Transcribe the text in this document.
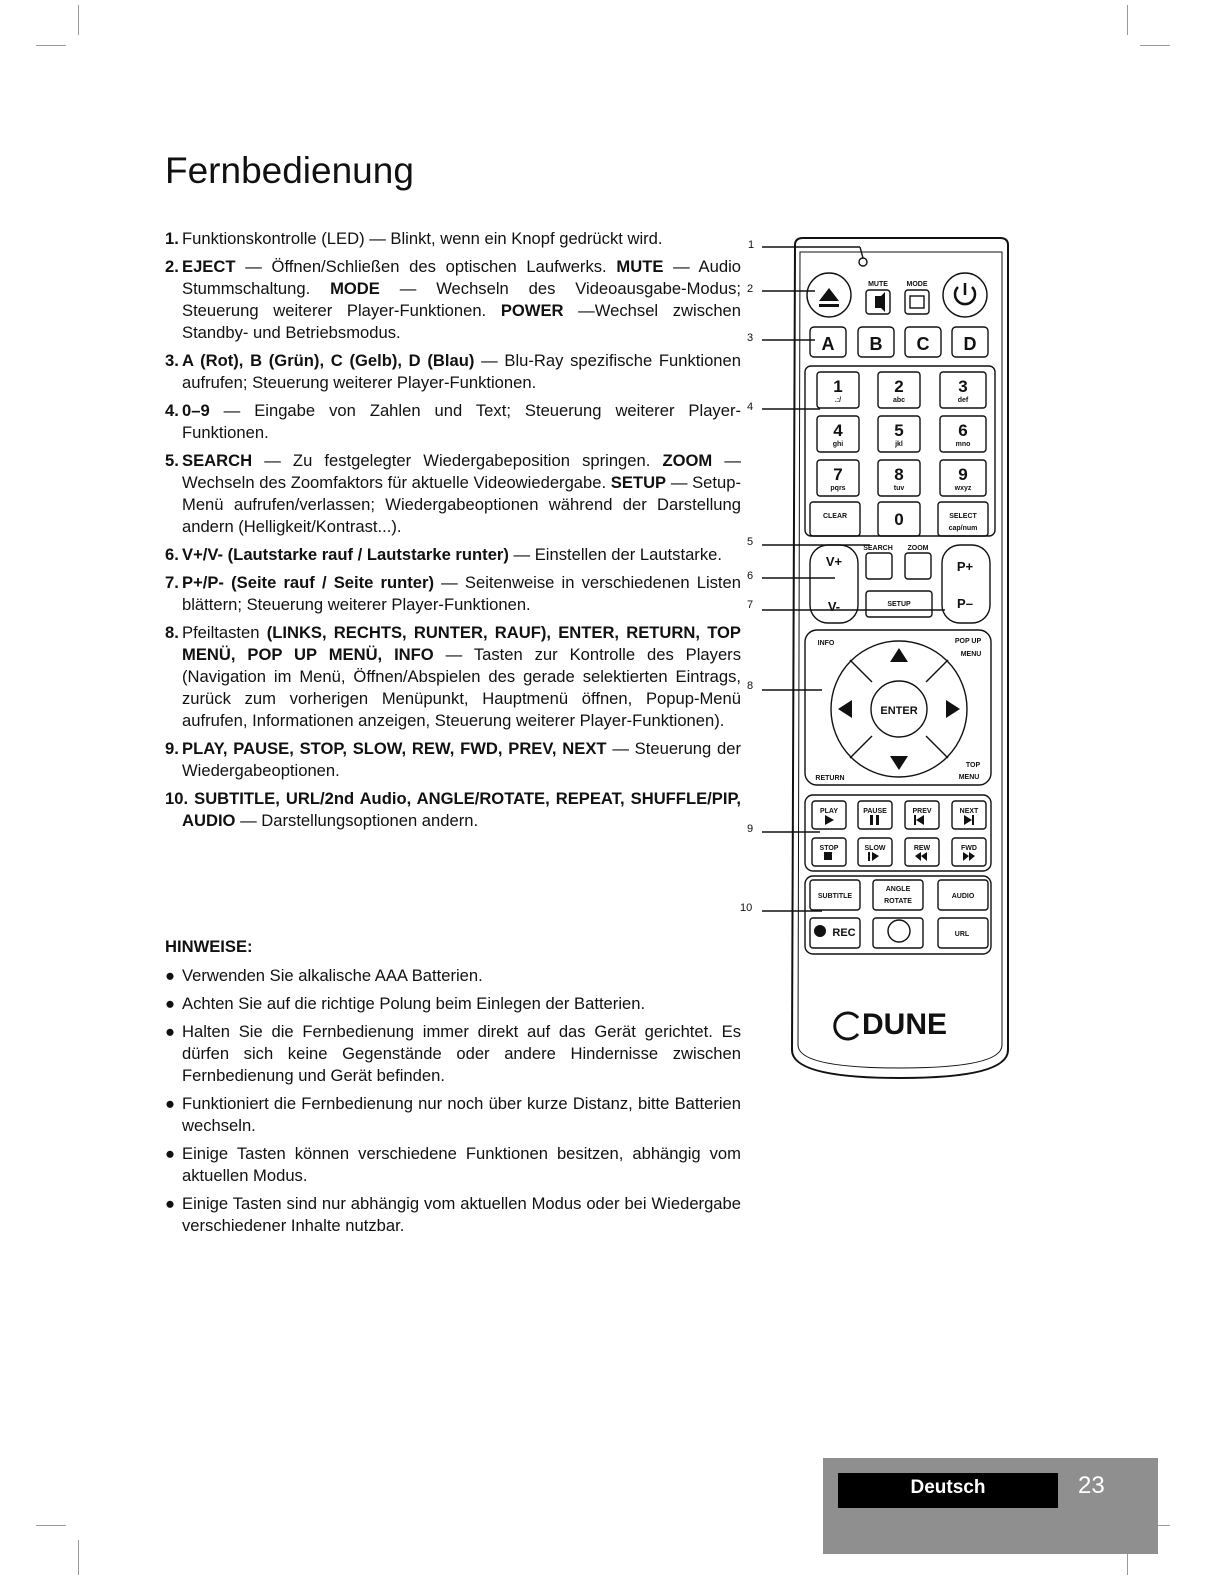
Fernbedienung
1. Funktionskontrolle (LED) — Blinkt, wenn ein Knopf gedrückt wird.
2. EJECT — Öffnen/Schließen des optischen Laufwerks. MUTE — Audio Stummschaltung. MODE — Wechseln des Videoausgabe-Modus; Steuerung weiterer Player-Funktionen. POWER —Wechsel zwischen Standby- und Betriebsmodus.
3. A (Rot), B (Grün), C (Gelb), D (Blau) — Blu-Ray spezifische Funktionen aufrufen; Steuerung weiterer Player-Funktionen.
4. 0–9 — Eingabe von Zahlen und Text; Steuerung weiterer Player-Funktionen.
5. SEARCH — Zu festgelegter Wiedergabeposition springen. ZOOM — Wechseln des Zoomfaktors für aktuelle Videowiedergabe. SETUP — Setup-Menü aufrufen/verlassen; Wiedergabeoptionen während der Darstellung andern (Helligkeit/Kontrast...).
6. V+/V- (Lautstarke rauf / Lautstarke runter) — Einstellen der Lautstarke.
7. P+/P- (Seite rauf / Seite runter) — Seitenweise in verschiedenen Listen blättern; Steuerung weiterer Player-Funktionen.
8. Pfeiltasten (LINKS, RECHTS, RUNTER, RAUF), ENTER, RETURN, TOP MENÜ, POP UP MENÜ, INFO — Tasten zur Kontrolle des Players (Navigation im Menü, Öffnen/Abspielen des gerade selektierten Eintrags, zurück zum vorherigen Menüpunkt, Hauptmenü öffnen, Popup-Menü aufrufen, Informationen anzeigen, Steuerung weiterer Player-Funktionen).
9. PLAY, PAUSE, STOP, SLOW, REW, FWD, PREV, NEXT — Steuerung der Wiedergabeoptionen.
10. SUBTITLE, URL/2nd Audio, ANGLE/ROTATE, REPEAT, SHUFFLE/PIP, AUDIO — Darstellungsoptionen andern.
HINWEISE:
● Verwenden Sie alkalische AAA Batterien.
● Achten Sie auf die richtige Polung beim Einlegen der Batterien.
● Halten Sie die Fernbedienung immer direkt auf das Gerät gerichtet. Es dürfen sich keine Gegenstände oder andere Hindernisse zwischen Fernbedienung und Gerät befinden.
● Funktioniert die Fernbedienung nur noch über kurze Distanz, bitte Batterien wechseln.
● Einige Tasten können verschiedene Funktionen besitzen, abhängig vom aktuellen Modus.
● Einige Tasten sind nur abhängig vom aktuellen Modus oder bei Wiedergabe verschiedener Inhalte nutzbar.
1
2
3
4
5
6
7
8
9
10
MUTE	MODE
A B C D
1	2	3
4	5	6
7	8	9
0
.:/	abc	def
ghi	jkl	mno
pqrs	tuv	wxyz
CLEAR	SELECT
cap/num
SEARCH ZOOM
SETUP
INFO	POP UP
MENU
RETURN
TOP
MENU
PLAY	PAUSE	PREV	NEXT
STOP	SLOW	REW	FWD
SUBTITLE
ANGLE
ROTATE
AUDIO
URL
REC
ENTER
V+
V-
P+
P–
DUNE
Deutsch	23
